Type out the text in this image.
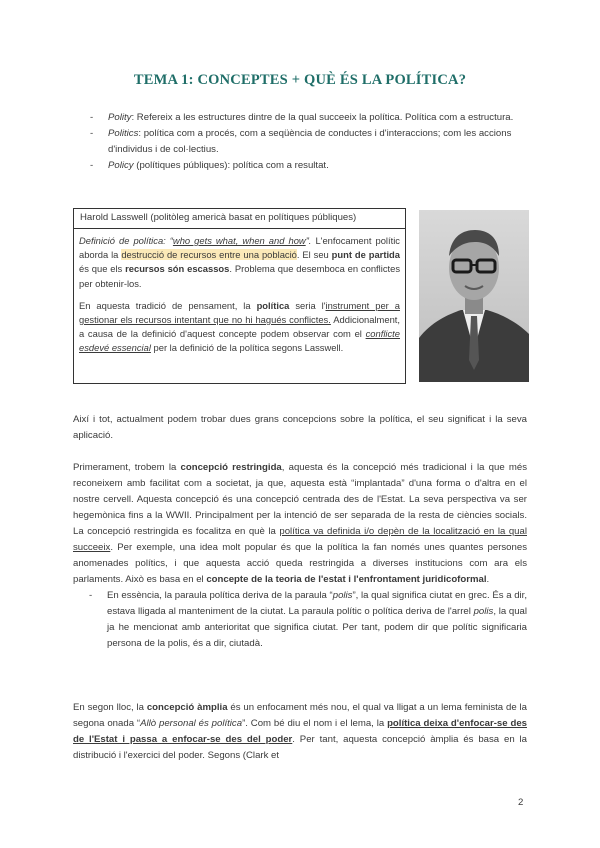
TEMA 1: CONCEPTES + QUÈ ÉS LA POLÍTICA?
- Polity: Refereix a les estructures dintre de la qual succeeix la política. Política com a estructura.
- Politics: política com a procés, com a seqüència de conductes i d'interaccions; com les accions d'individus i de col·lectius.
- Policy (polítiques públiques): política com a resultat.
Harold Lasswell (politòleg americà basat en polítiques públiques)

Definició de política: “who gets what, when and how”. L'enfocament polític aborda la destrucció de recursos entre una població. El seu punt de partida és que els recursos són escassos. Problema que desemboca en conflictes per obtenir-los.

En aquesta tradició de pensament, la política seria l'instrument per a gestionar els recursos intentant que no hi hagués conflictes. Addicionalment, a causa de la definició d'aquest concepte podem observar com el conflicte esdevé essencial per la definició de la política segons Lasswell.

Així i tot, actualment podem trobar dues grans concepcions sobre la política, el seu significat i la seva aplicació.

Primerament, trobem la concepció restringida, aquesta és la concepció més tradicional i la que més reconeixem amb facilitat com a societat, ja que, aquesta està “implantada” d'una forma o d'altra en el nostre cervell. Aquesta concepció és una concepció centrada des de l'Estat. La seva perspectiva va ser hegemònica fins a la WWII. Principalment per la intenció de ser separada de la resta de ciències socials. La concepció restringida es focalitza en què la política va definida i/o depèn de la localització en la qual succeeix. Per exemple, una idea molt popular és que la política la fan només unes quantes persones anomenades polítics, i que aquesta acció queda restringida a diverses institucions com ara els parlaments. Això es basa en el concepte de la teoria de l'estat i l'enfrontament juridicoformal.

- En essència, la paraula política deriva de la paraula “polis”, la qual significa ciutat en grec. És a dir, estava lligada al manteniment de la ciutat. La paraula polític o política deriva de l'arrel polis, la qual ja he mencionat amb anterioritat que significa ciutat. Per tant, podem dir que polític significaria persona de la polis, és a dir, ciutadà.

En segon lloc, la concepció àmplia és un enfocament més nou, el qual va lligat a un lema feminista de la segona onada “Allò personal és política”. Com bé diu el nom i el lema, la política deixa d'enfocar-se des de l'Estat i passa a enfocar-se des del poder. Per tant, aquesta concepció àmplia és basa en la distribució i l'exercici del poder. Segons (Clark et

2
